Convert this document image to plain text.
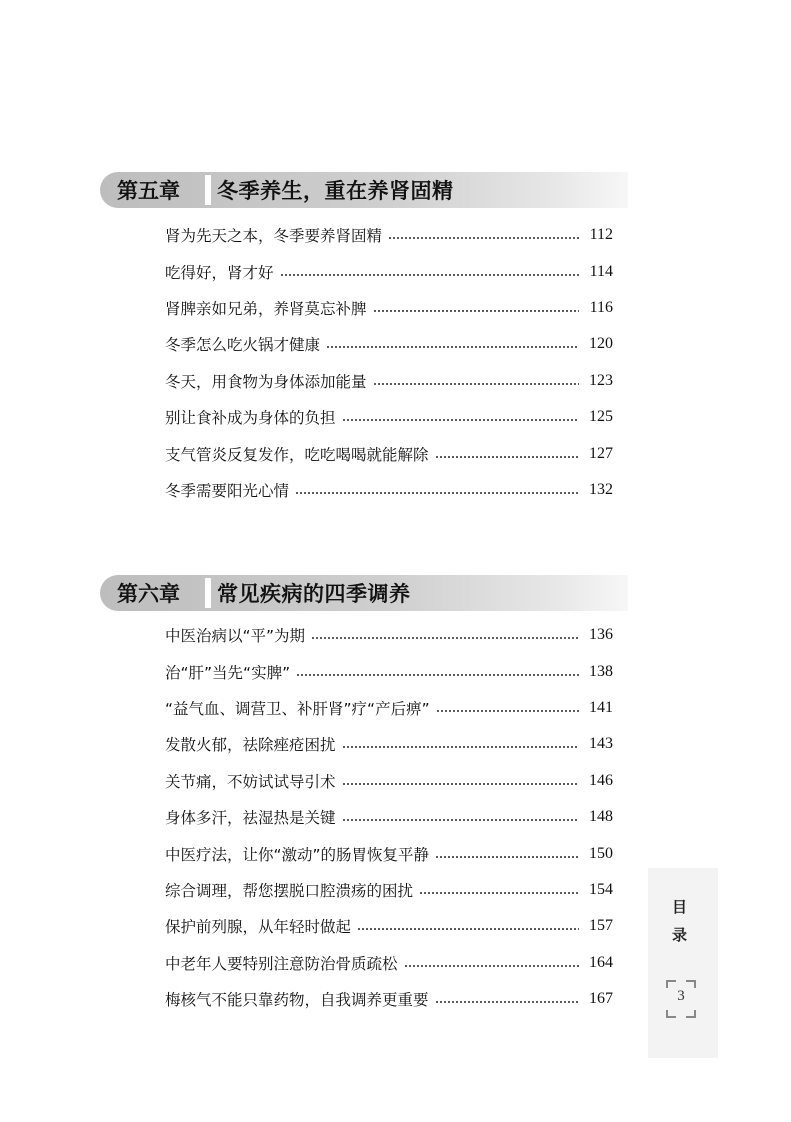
第五章	冬季养生，重在养肾固精
肾为先天之本，冬季要养肾固精	112
吃得好，肾才好	114
肾脾亲如兄弟，养肾莫忘补脾	116
冬季怎么吃火锅才健康	120
冬天，用食物为身体添加能量	123
别让食补成为身体的负担	125
支气管炎反复发作，吃吃喝喝就能解除	127
冬季需要阳光心情	132
第六章	常见疾病的四季调养
中医治病以“平”为期	136
治“肝”当先“实脾”	138
“益气血、调营卫、补肝肾”疗“产后痹”	141
发散火郁，祛除痤疮困扰	143
关节痛，不妨试试导引术	146
身体多汗，祛湿热是关键	148
中医疗法，让你“激动”的肠胃恢复平静	150
综合调理，帮您摆脱口腔溃疡的困扰	154
保护前列腺，从年轻时做起	157
中老年人要特别注意防治骨质疏松	164
梅核气不能只靠药物，自我调养更重要	167
目
录
3
